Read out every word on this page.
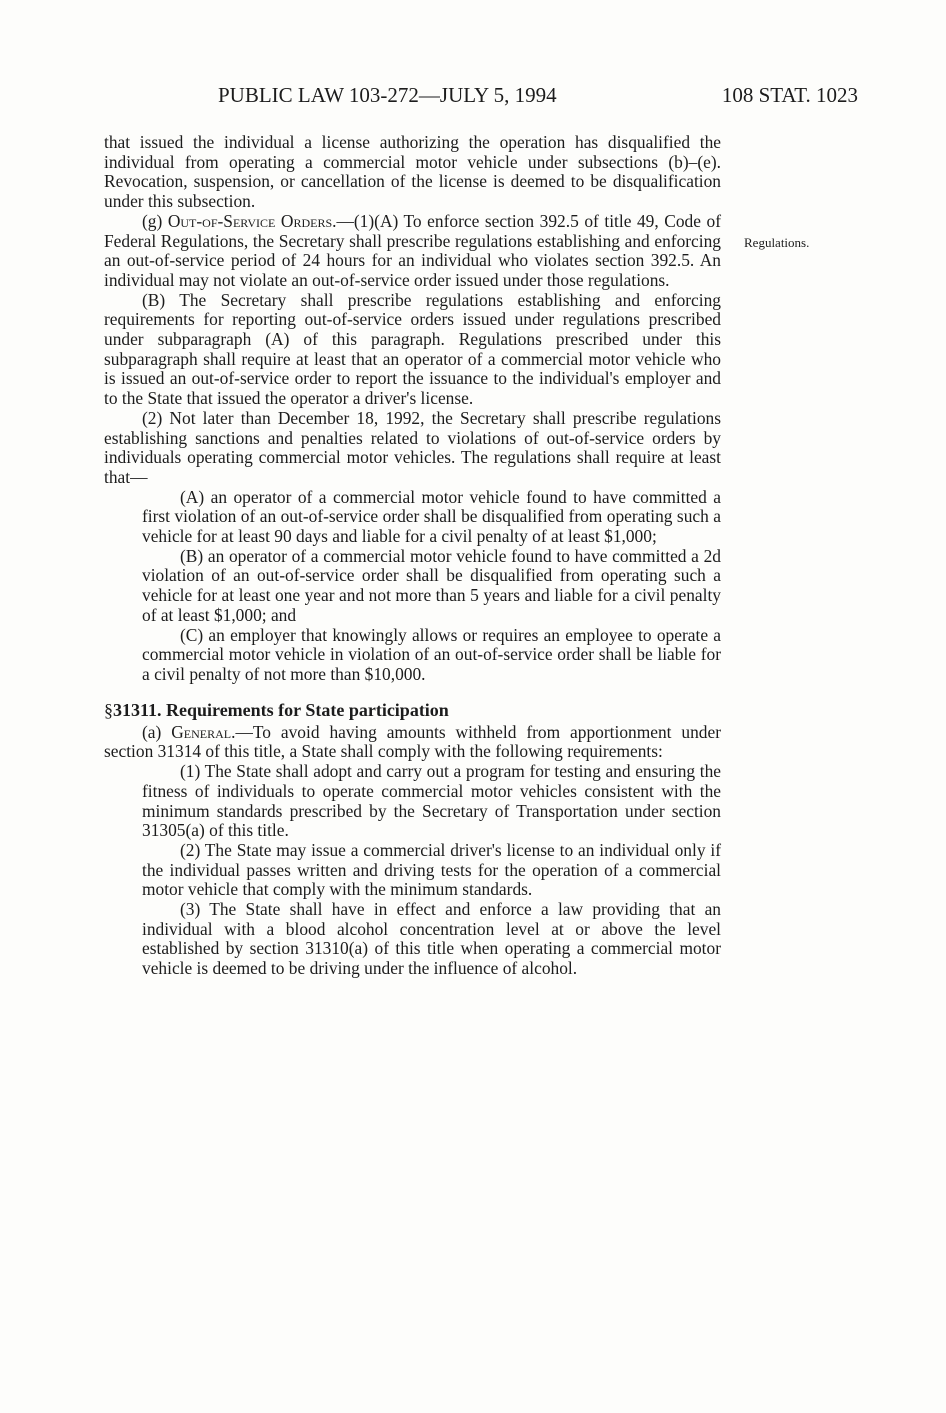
PUBLIC LAW 103-272—JULY 5, 1994	108 STAT. 1023
Regulations.

that issued the individual a license authorizing the operation has disqualified the individual from operating a commercial motor vehicle under subsections (b)–(e). Revocation, suspension, or cancellation of the license is deemed to be disqualification under this subsection.

(g) Out-of-Service Orders.—(1)(A) To enforce section 392.5 of title 49, Code of Federal Regulations, the Secretary shall prescribe regulations establishing and enforcing an out-of-service period of 24 hours for an individual who violates section 392.5. An individual may not violate an out-of-service order issued under those regulations.

(B) The Secretary shall prescribe regulations establishing and enforcing requirements for reporting out-of-service orders issued under regulations prescribed under subparagraph (A) of this paragraph. Regulations prescribed under this subparagraph shall require at least that an operator of a commercial motor vehicle who is issued an out-of-service order to report the issuance to the individual's employer and to the State that issued the operator a driver's license.

(2) Not later than December 18, 1992, the Secretary shall prescribe regulations establishing sanctions and penalties related to violations of out-of-service orders by individuals operating commercial motor vehicles. The regulations shall require at least that—

(A) an operator of a commercial motor vehicle found to have committed a first violation of an out-of-service order shall be disqualified from operating such a vehicle for at least 90 days and liable for a civil penalty of at least $1,000;

(B) an operator of a commercial motor vehicle found to have committed a 2d violation of an out-of-service order shall be disqualified from operating such a vehicle for at least one year and not more than 5 years and liable for a civil penalty of at least $1,000; and

(C) an employer that knowingly allows or requires an employee to operate a commercial motor vehicle in violation of an out-of-service order shall be liable for a civil penalty of not more than $10,000.

§31311. Requirements for State participation

(a) General.—To avoid having amounts withheld from apportionment under section 31314 of this title, a State shall comply with the following requirements:

(1) The State shall adopt and carry out a program for testing and ensuring the fitness of individuals to operate commercial motor vehicles consistent with the minimum standards prescribed by the Secretary of Transportation under section 31305(a) of this title.

(2) The State may issue a commercial driver's license to an individual only if the individual passes written and driving tests for the operation of a commercial motor vehicle that comply with the minimum standards.

(3) The State shall have in effect and enforce a law providing that an individual with a blood alcohol concentration level at or above the level established by section 31310(a) of this title when operating a commercial motor vehicle is deemed to be driving under the influence of alcohol.
